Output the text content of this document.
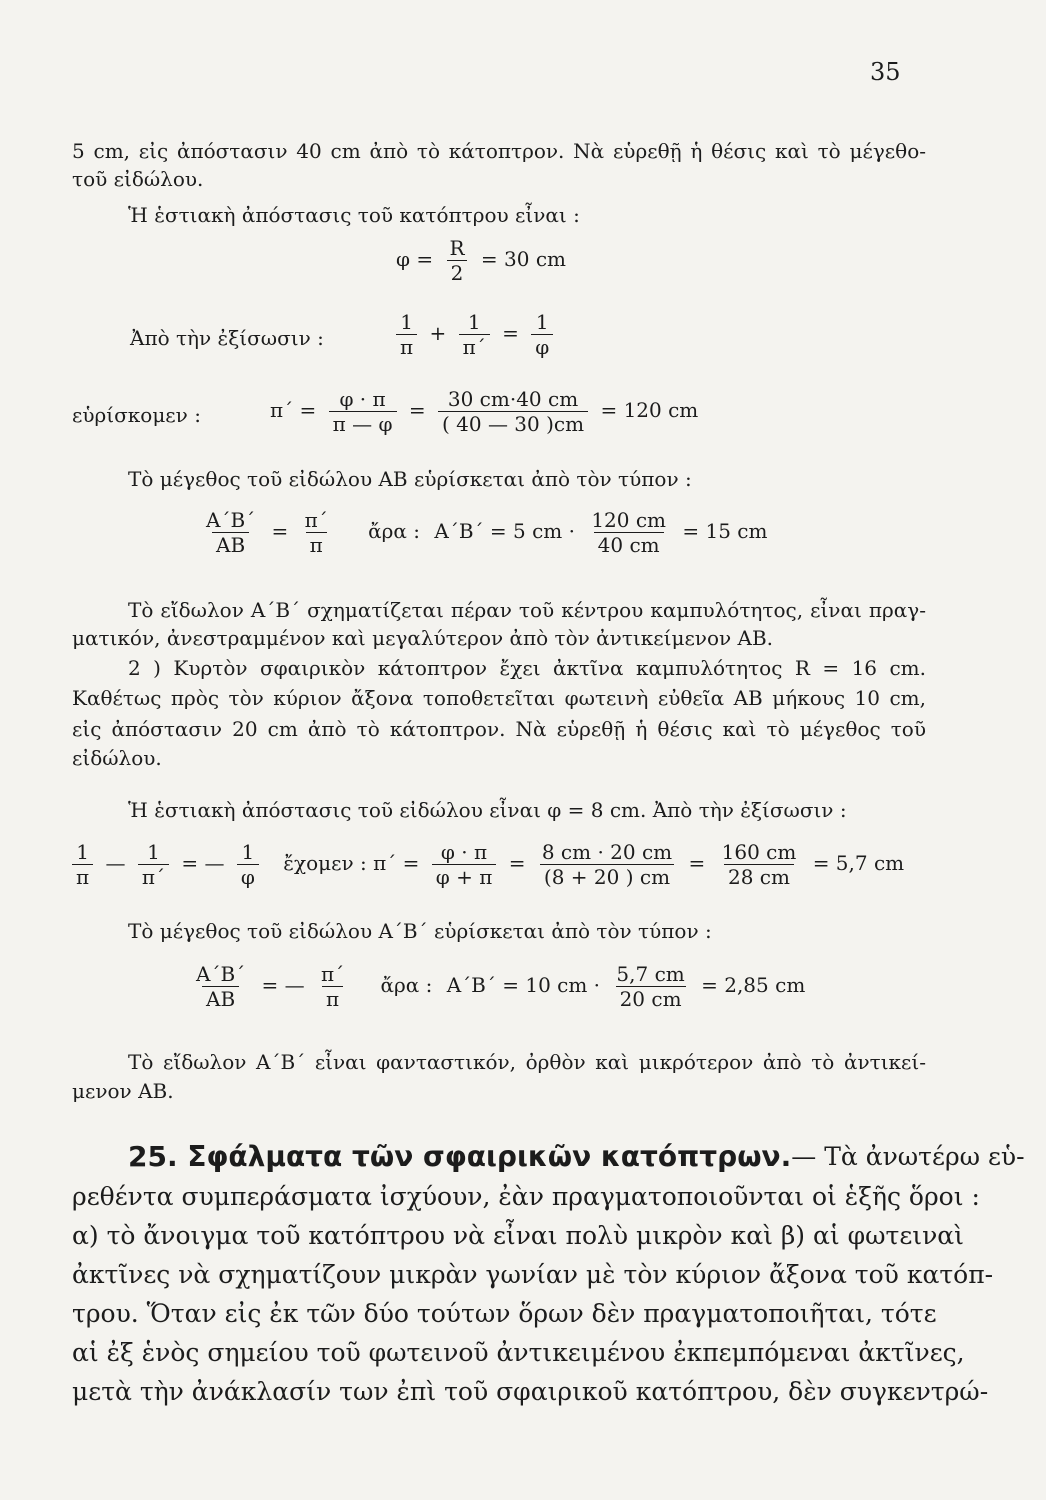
35
5 cm, εἰς ἀπόστασιν 40 cm ἀπὸ τὸ κάτοπτρον. Νὰ εὑρεθῇ ἡ θέσις καὶ τὸ μέγεθο-
τοῦ εἰδώλου.
Ἡ ἑστιακὴ ἀπόστασις τοῦ κατόπτρου εἶναι :
$\varphi = \frac{R}{2} = 30$ cm
Ἀπὸ τὴν ἐξίσωσιν :	$\frac{1}{\pi} + \frac{1}{\pi΄} = \frac{1}{\varphi}$
εὑρίσκομεν :	$\pi΄ = \frac{\varphi \cdot \pi}{\pi — \varphi} = \frac{30 cm\cdot 40 cm}{( 40 — 30 )cm} = 120$ cm
Τὸ μέγεθος τοῦ εἰδώλου ΑΒ εὑρίσκεται ἀπὸ τὸν τύπον :
$\frac{A΄B΄}{AB} = \frac{\pi΄}{\pi}$ ἄρα : Α΄Β΄ = 5 cm · $\frac{120 cm}{40 cm} = 15$ cm
Τὸ εἴδωλον Α΄Β΄ σχηματίζεται πέραν τοῦ κέντρου καμπυλότητος, εἶναι πραγ-
ματικόν, ἀνεστραμμένον καὶ μεγαλύτερον ἀπὸ τὸν ἀντικείμενον ΑΒ.
2 ) Κυρτὸν σφαιρικὸν κάτοπτρον ἔχει ἀκτῖνα καμπυλότητος R = 16 cm.
Καθέτως πρὸς τὸν κύριον ἄξονα τοποθετεῖται φωτεινὴ εὐθεῖα ΑΒ μήκους 10 cm,
εἰς ἀπόστασιν 20 cm ἀπὸ τὸ κάτοπτρον. Νὰ εὑρεθῇ ἡ θέσις καὶ τὸ μέγεθος τοῦ
εἰδώλου.
Ἡ ἑστιακὴ ἀπόστασις τοῦ εἰδώλου εἶναι φ = 8 cm. Ἀπὸ τὴν ἐξίσωσιν :
$\frac{1}{\pi}$ — $\frac{1}{\pi΄}$ = — $\frac{1}{\varphi}$ ἔχομεν : $\pi΄ = \frac{\varphi \cdot \pi}{\varphi + \pi} = \frac{8 cm \cdot 20 cm}{(8 + 20 ) cm} = \frac{160 cm}{28 cm} = 5,7$ cm
Τὸ μέγεθος τοῦ εἰδώλου Α΄Β΄ εὑρίσκεται ἀπὸ τὸν τύπον :
$\frac{A΄B΄}{AB}$ = — $\frac{\pi΄}{\pi}$ ἄρα : Α΄Β΄ = 10 cm · $\frac{5,7 cm}{20 cm} = 2,85$ cm
Τὸ εἴδωλον Α΄Β΄ εἶναι φανταστικόν, ὀρθὸν καὶ μικρότερον ἀπὸ τὸ ἀντικεί-
μενον ΑΒ.
25. Σφάλματα τῶν σφαιρικῶν κατόπτρων. — Τὰ ἀνωτέρω εὑ-
ρεθέντα συμπεράσματα ἰσχύουν, ἐὰν πραγματοποιοῦνται οἱ ἑξῆς ὅροι :
α) τὸ ἄνοιγμα τοῦ κατόπτρου νὰ εἶναι πολὺ μικρὸν καὶ β) αἱ φωτειναὶ
ἀκτῖνες νὰ σχηματίζουν μικρὰν γωνίαν μὲ τὸν κύριον ἄξονα τοῦ κατόπ-
τρου. Ὅταν εἰς ἐκ τῶν δύο τούτων ὅρων δὲν πραγματοποιῆται, τότε
αἱ ἐξ ἑνὸς σημείου τοῦ φωτεινοῦ ἀντικειμένου ἐκπεμπόμεναι ἀκτῖνες,
μετὰ τὴν ἀνάκλασίν των ἐπὶ τοῦ σφαιρικοῦ κατόπτρου, δὲν συγκεντρώ-
